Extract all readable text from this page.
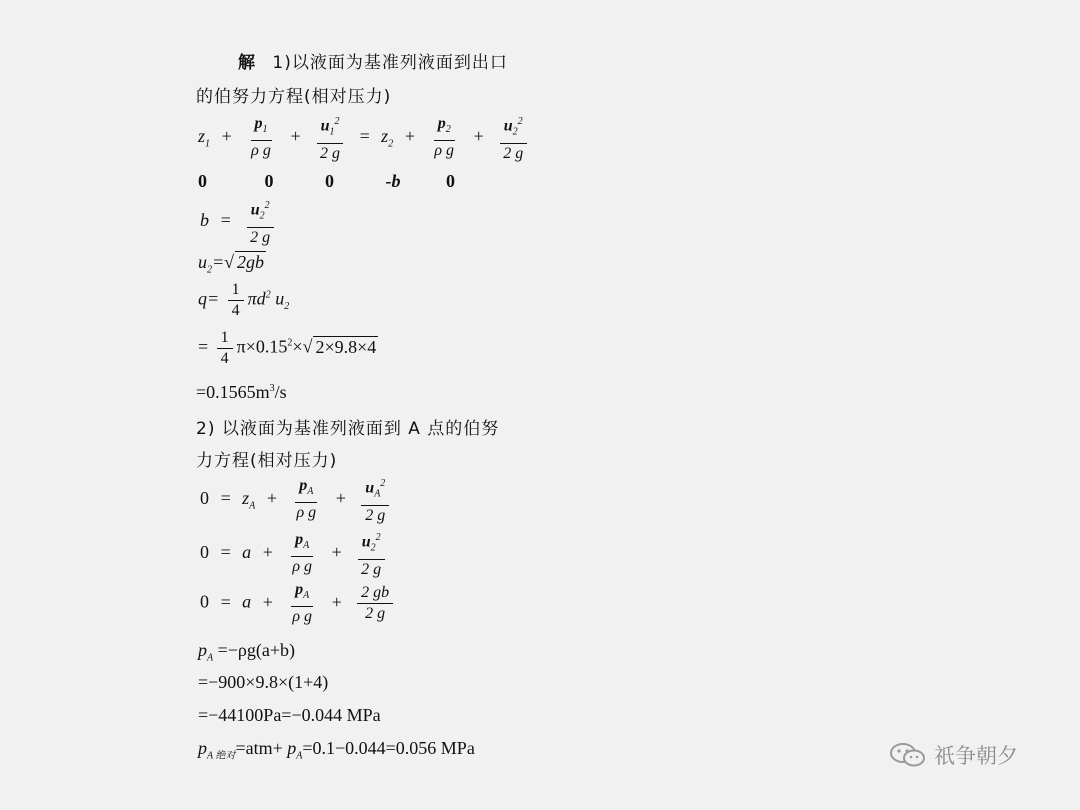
解 1)以液面为基准列液面到出口
的伯努力方程(相对压力)
$z_1 + \frac{p_1}{\text{ρ g}} + \frac{u_1^2}{2 g} = z_2 + \frac{p_2}{\text{ρ g}} + \frac{u_2^2}{2 g}$
0	0	0	-b	0
$b = \frac{u_2^2}{2 g}$
$u_2=√$ 2gb
$q= \frac{1}{4} \pi d^2$ $u_2$
= $\frac{1}{4} \pi\times 0.15^2\times√$ 2×9.8×4
$=0.1565m^3/s$
2) 以液面为基准列液面到 A 点的伯努
力方程(相对压力)
$0 = z_A + \frac{p_A}{\text{ρ g}} + \frac{u_A^2}{2 g}$
$0 = a + \frac{p_A}{\text{ρ g}} + \frac{u_2^2}{2 g}$
$0 = a + \frac{p_A}{\text{ρ g}} + \frac{2 gb}{2 g}$
$p_A =-\rho g(a+b)$
=−900×9.8×(1+4)
=−44100Pa=−0.044 MPa
$p_{A 绝对}=atm+ p_A=0.1-0.044=0.056$ MPa	祇争朝夕
